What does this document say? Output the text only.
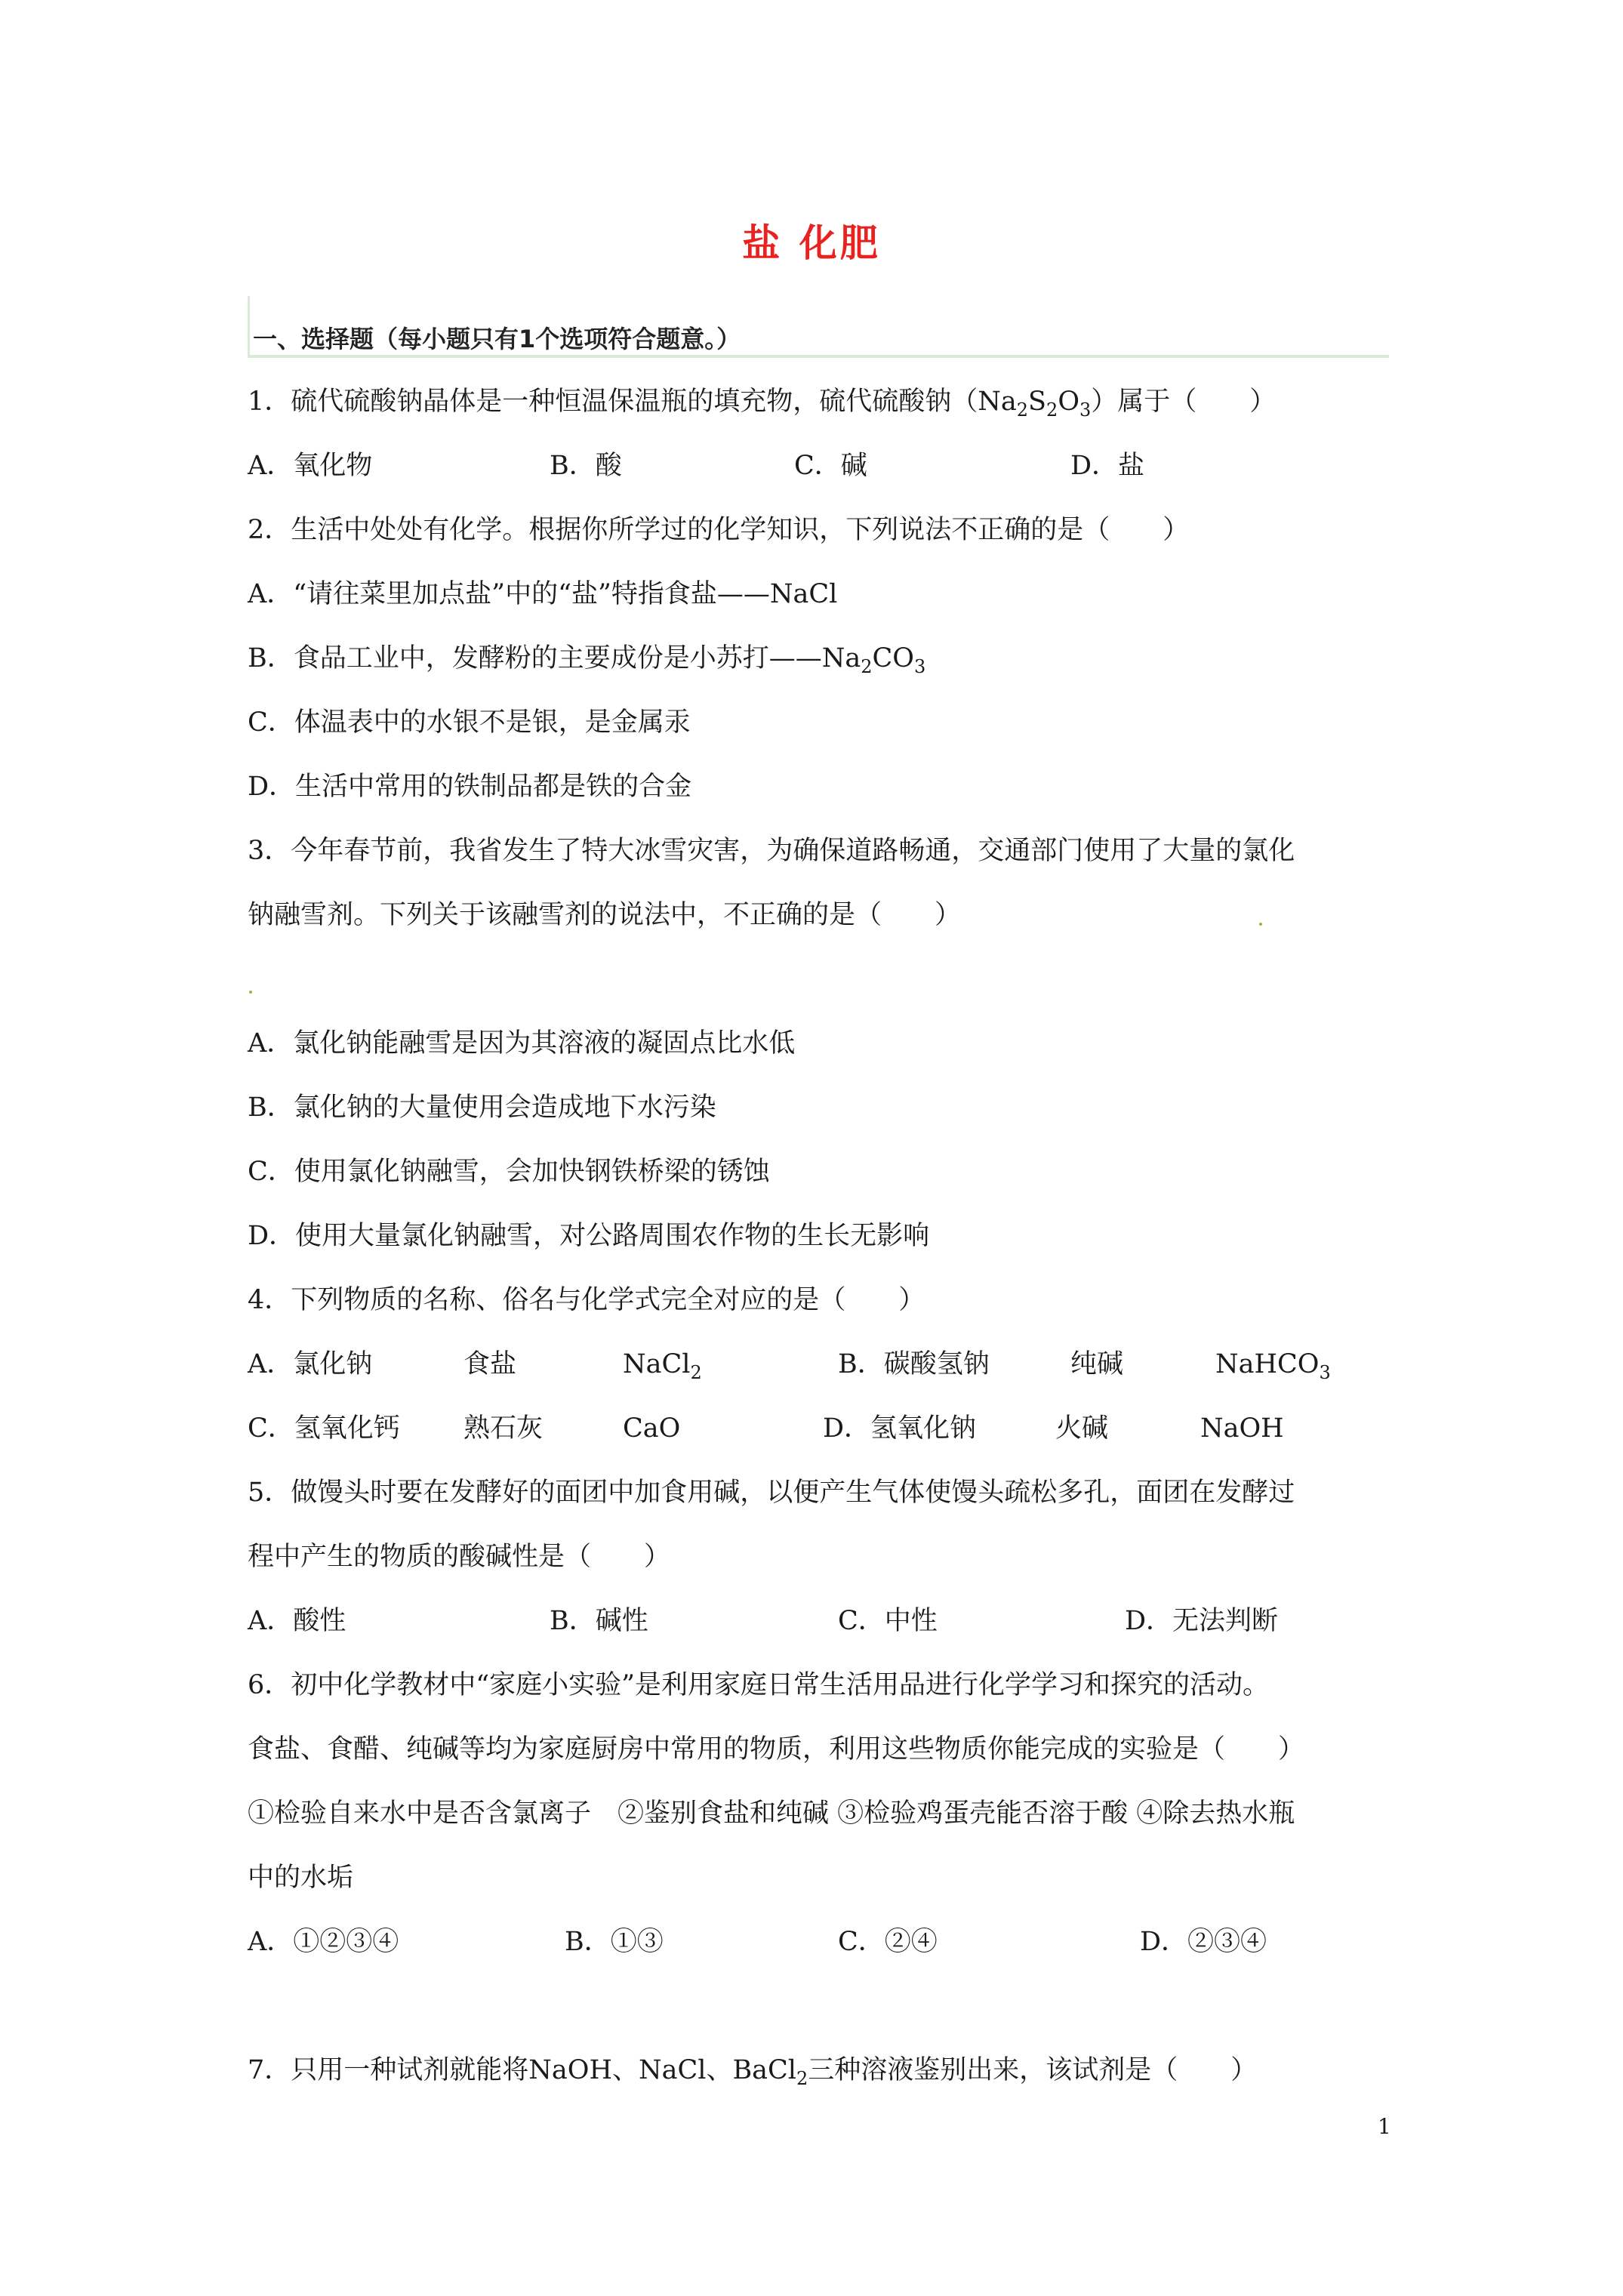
盐 化肥
一、选择题（每小题只有1个选项符合题意。）
1．硫代硫酸钠晶体是一种恒温保温瓶的填充物，硫代硫酸钠$(Na_2S_2O_3)$属于（　　）
A．氧化物	B．酸	C．碱	D．盐
2．生活中处处有化学。根据你所学过的化学知识，下列说法不正确的是（　　）
A．“请往菜里加点盐”中的“盐”特指食盐——NaCl
B．食品工业中，发酵粉的主要成份是小苏打$——Na_2CO_3$
C．体温表中的水银不是银，是金属汞
D．生活中常用的铁制品都是铁的合金
3．今年春节前，我省发生了特大冰雪灾害，为确保道路畅通，交通部门使用了大量的氯化
钠融雪剂。下列关于该融雪剂的说法中，不正确的是（　　）
A．氯化钠能融雪是因为其溶液的凝固点比水低
B．氯化钠的大量使用会造成地下水污染
C．使用氯化钠融雪，会加快钢铁桥梁的锈蚀
D．使用大量氯化钠融雪，对公路周围农作物的生长无影响
4．下列物质的名称、俗名与化学式完全对应的是（　　）
A．氯化钠	食盐	NaCl$_2$	B．碳酸氢钠	纯碱	NaHCO$_3$
C．氢氧化钙 熟石灰	CaO	D．氢氧化钠	火碱	NaOH
5．做馒头时要在发酵好的面团中加食用碱，以便产生气体使馒头疏松多孔，面团在发酵过
程中产生的物质的酸碱性是（　　）
A．酸性	B．碱性	C．中性	D．无法判断
6．初中化学教材中“家庭小实验”是利用家庭日常生活用品进行化学学习和探究的活动。
食盐、食醋、纯碱等均为家庭厨房中常用的物质，利用这些物质你能完成的实验是（　　）
①检验自来水中是否含氯离子　②鉴别食盐和纯碱 ③检验鸡蛋壳能否溶于酸 ④除去热水瓶
中的水垢
A．①②③④	B．①③	C．②④	D．②③④
7．只用一种试剂就能将NaOH、NaCl、BaCl$_2$三种溶液鉴别出来，该试剂是（　　）
1
